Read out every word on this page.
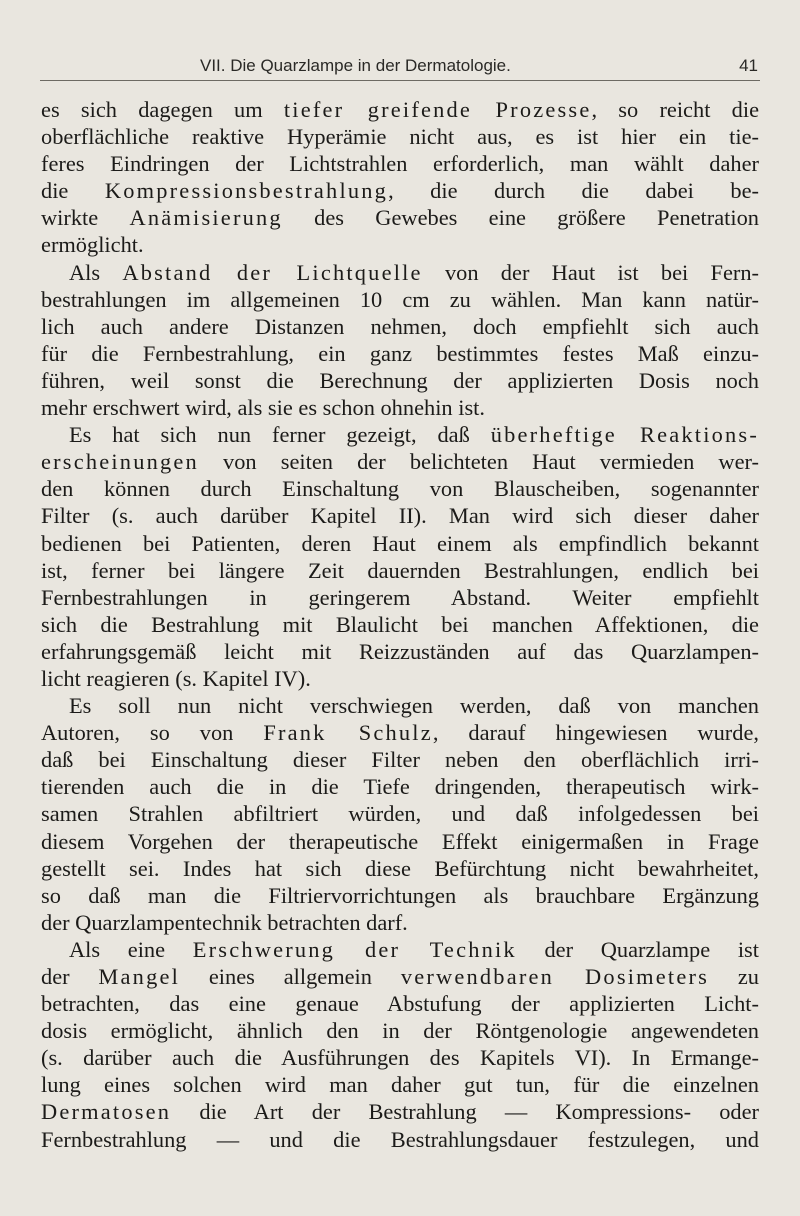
VII. Die Quarzlampe in der Dermatologie.	41
es sich dagegen um tiefer greifende Prozesse, so reicht die
oberflächliche reaktive Hyperämie nicht aus, es ist hier ein tie-
feres Eindringen der Lichtstrahlen erforderlich, man wählt daher
die Kompressionsbestrahlung, die durch die dabei be-
wirkte Anämisierung des Gewebes eine größere Penetration
ermöglicht.
Als Abstand der Lichtquelle von der Haut ist bei Fern-
bestrahlungen im allgemeinen 10 cm zu wählen. Man kann natür-
lich auch andere Distanzen nehmen, doch empfiehlt sich auch
für die Fernbestrahlung, ein ganz bestimmtes festes Maß einzu-
führen, weil sonst die Berechnung der applizierten Dosis noch
mehr erschwert wird, als sie es schon ohnehin ist.
Es hat sich nun ferner gezeigt, daß überheftige Reaktions-
erscheinungen von seiten der belichteten Haut vermieden wer-
den können durch Einschaltung von Blauscheiben, sogenannter
Filter (s. auch darüber Kapitel II). Man wird sich dieser daher
bedienen bei Patienten, deren Haut einem als empfindlich bekannt
ist, ferner bei längere Zeit dauernden Bestrahlungen, endlich bei
Fernbestrahlungen in geringerem Abstand. Weiter empfiehlt
sich die Bestrahlung mit Blaulicht bei manchen Affektionen, die
erfahrungsgemäß leicht mit Reizzuständen auf das Quarzlampen-
licht reagieren (s. Kapitel IV).
Es soll nun nicht verschwiegen werden, daß von manchen
Autoren, so von Frank Schulz, darauf hingewiesen wurde,
daß bei Einschaltung dieser Filter neben den oberflächlich irri-
tierenden auch die in die Tiefe dringenden, therapeutisch wirk-
samen Strahlen abfiltriert würden, und daß infolgedessen bei
diesem Vorgehen der therapeutische Effekt einigermaßen in Frage
gestellt sei. Indes hat sich diese Befürchtung nicht bewahrheitet,
so daß man die Filtriervorrichtungen als brauchbare Ergänzung
der Quarzlampentechnik betrachten darf.
Als eine Erschwerung der Technik der Quarzlampe ist
der Mangel eines allgemein verwendbaren Dosimeters zu
betrachten, das eine genaue Abstufung der applizierten Licht-
dosis ermöglicht, ähnlich den in der Röntgenologie angewendeten
(s. darüber auch die Ausführungen des Kapitels VI). In Ermange-
lung eines solchen wird man daher gut tun, für die einzelnen
Dermatosen die Art der Bestrahlung — Kompressions- oder
Fernbestrahlung — und die Bestrahlungsdauer festzulegen, und
